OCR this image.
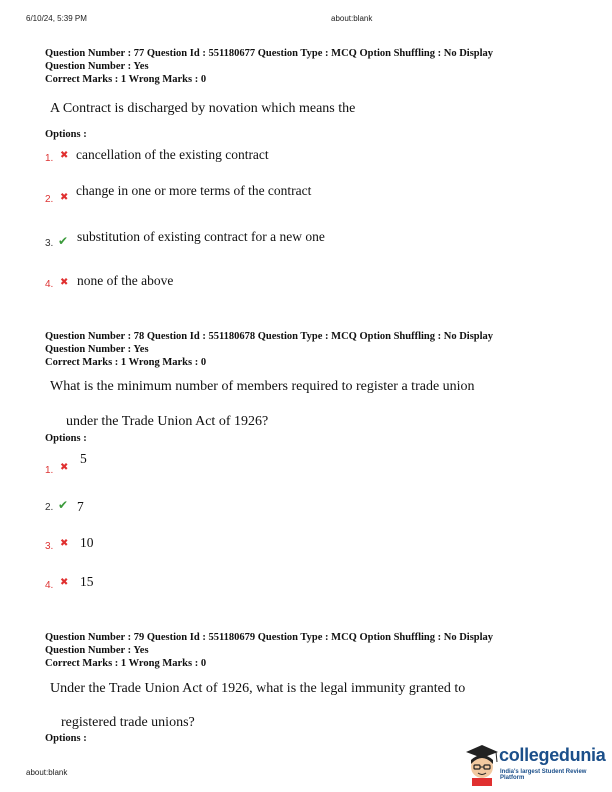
6/10/24, 5:39 PM	about:blank
Question Number : 77 Question Id : 551180677 Question Type : MCQ Option Shuffling : No Display
Question Number : Yes
Correct Marks : 1 Wrong Marks : 0
A Contract is discharged by novation which means the
Options :
1. ✖ cancellation of the existing contract
2. ✖ change in one or more terms of the contract
3. ✔ substitution of existing contract for a new one
4. ✖ none of the above
Question Number : 78 Question Id : 551180678 Question Type : MCQ Option Shuffling : No Display
Question Number : Yes
Correct Marks : 1 Wrong Marks : 0
What is the minimum number of members required to register a trade union
under the Trade Union Act of 1926?
Options :
1. ✖
5
2. ✔ 7
3. ✖ 10
4. ✖ 15
Question Number : 79 Question Id : 551180679 Question Type : MCQ Option Shuffling : No Display
Question Number : Yes
Correct Marks : 1 Wrong Marks : 0
Under the Trade Union Act of 1926, what is the legal immunity granted to
registered trade unions?
Options :
about:blank
collegedunia
India's largest Student Review Platform
